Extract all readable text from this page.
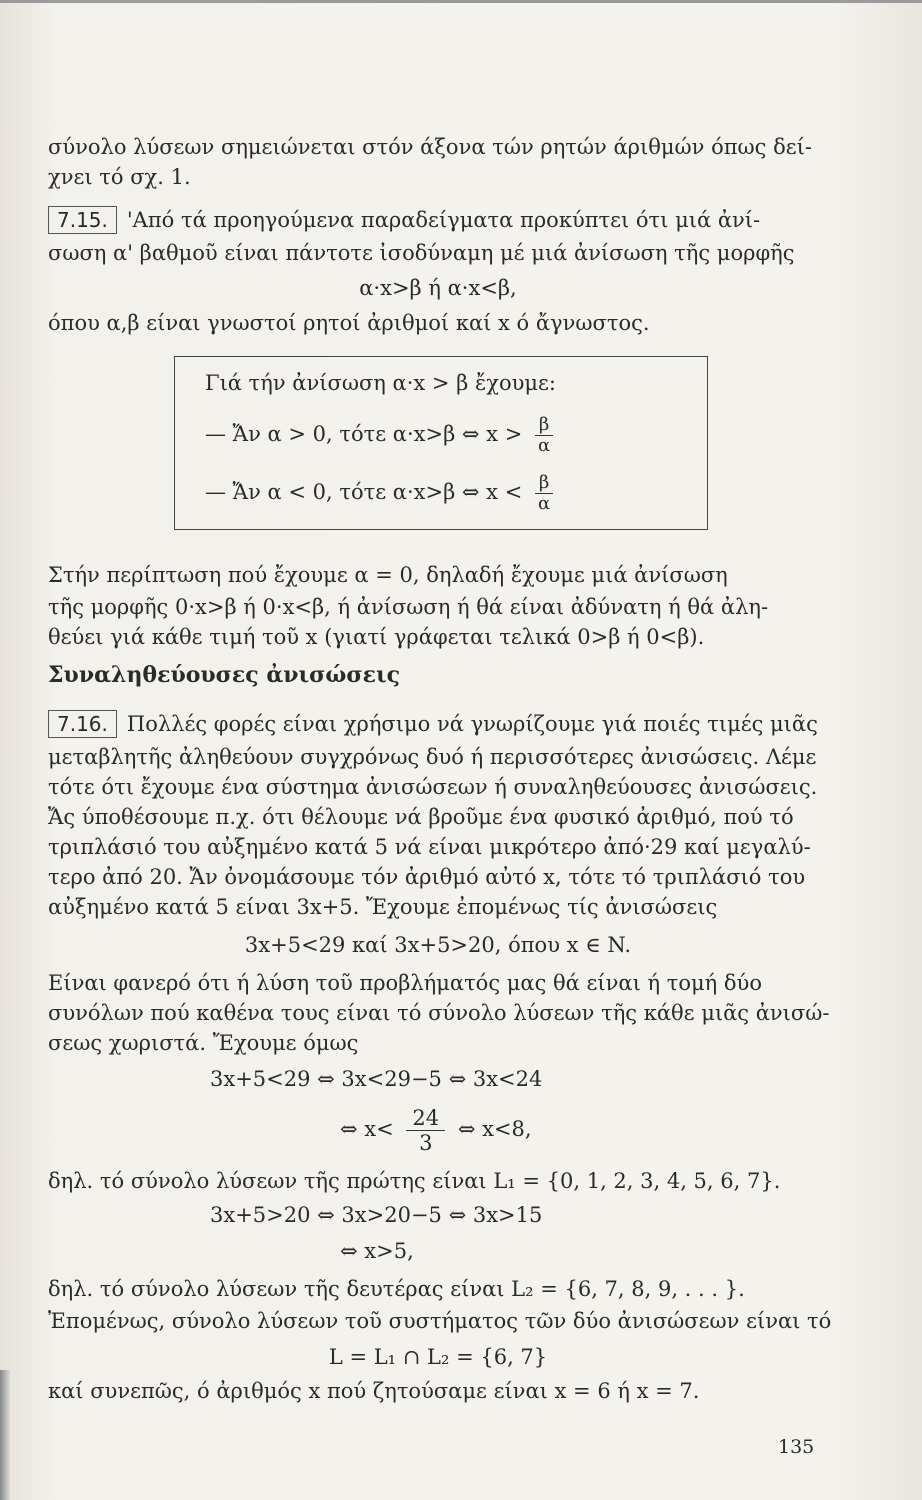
σύνολο λύσεων σημειώνεται στόν άξονα τών ρητών άριθμών όπως δεί-
χνει τό σχ. 1.
7.15. 'Από τά προηγούμενα παραδείγματα προκύπτει ότι μιά ἀνί-
σωση α' βαθμοῦ είναι πάντοτε ἰσοδύναμη μέ μιά ἀνίσωση τῆς μορφῆς
α·x>β ή α·x<β,
όπου α,β είναι γνωστοί ρητοί ἀριθμοί καί x ό ἄγνωστος.
Γιά τήν ἀνίσωση α·x > β ἔχουμε:
— Ἄν α > 0, τότε α·x>β ⇔ $x > \frac{\beta}{\alpha}$
— Ἄν α < 0, τότε α·x>β ⇔ $x < \frac{\beta}{\alpha}$
Στήν περίπτωση πού ἔχουμε α = 0, δηλαδή ἔχουμε μιά ἀνίσωση
τῆς μορφῆς 0·x>β ή 0·x<β, ή ἀνίσωση ή θά είναι ἀδύνατη ή θά ἀλη-
θεύει γιά κάθε τιμή τοῦ x (γιατί γράφεται τελικά 0>β ή 0<β).
Συναληθεύουσες ἀνισώσεις
7.16. Πολλές φορές είναι χρήσιμο νά γνωρίζουμε γιά ποιές τιμές μιᾶς
μεταβλητῆς ἀληθεύουν συγχρόνως δυό ή περισσότερες ἀνισώσεις. Λέμε
τότε ότι ἔχουμε ένα σύστημα ἀνισώσεων ή συναληθεύουσες ἀνισώσεις.
Ἄς ύποθέσουμε π.χ. ότι θέλουμε νά βροῦμε ένα φυσικό ἀριθμό, πού τό
τριπλάσιό του αὐξημένο κατά 5 νά είναι μικρότερο ἀπό·29 καί μεγαλύ-
τερο ἀπό 20. Ἄν ὀνομάσουμε τόν ἀριθμό αὐτό x, τότε τό τριπλάσιό του
αὐξημένο κατά 5 είναι 3x+5. Ἔχουμε ἐπομένως τίς ἀνισώσεις
3x+5<29 καί 3x+5>20, όπου x ∈ N.
Είναι φανερό ότι ή λύση τοῦ προβλήματός μας θά είναι ή τομή δύο
συνόλων πού καθένα τους είναι τό σύνολο λύσεων τῆς κάθε μιᾶς ἀνισώ-
σεως χωριστά. Ἔχουμε όμως
3x+5<29 ⇔ 3x<29−5 ⇔ 3x<24
⇔ $x< \frac{24}{3}$ ⇔ x<8,
δηλ. τό σύνολο λύσεων τῆς πρώτης είναι L₁ = {0, 1, 2, 3, 4, 5, 6, 7}.
3x+5>20 ⇔ 3x>20−5 ⇔ 3x>15
⇔ x>5,
δηλ. τό σύνολο λύσεων τῆς δευτέρας είναι L₂ = {6, 7, 8, 9, . . . }.
Ἐπομένως, σύνολο λύσεων τοῦ συστήματος τῶν δύο ἀνισώσεων είναι τό
L = L₁ ∩ L₂ = {6, 7}
καί συνεπῶς, ό ἀριθμός x πού ζητούσαμε είναι x = 6 ή x = 7.
135
